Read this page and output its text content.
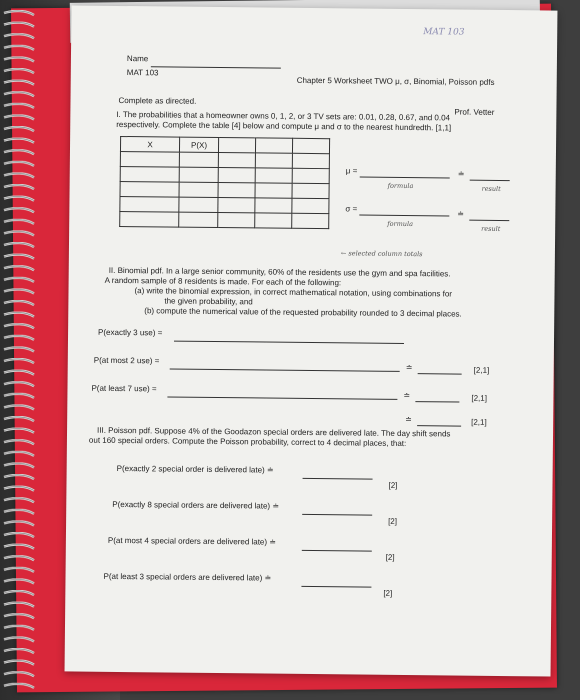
MAT 103
Name
MAT 103
Chapter 5 Worksheet TWO μ, σ, Binomial, Poisson pdfs
Prof. Vetter
Complete as directed.
I. The probabilities that a homeowner owns 0, 1, 2, or 3 TV sets are: 0.01, 0.28, 0.67, and 0.04
respectively. Complete the table [4] below and compute μ and σ to the nearest hundredth. [1,1]
X	P(X)			

μ =
formula
≐
result
σ =
formula
≐
result
← selected column totals
II. Binomial pdf. In a large senior community, 60% of the residents use the gym and spa facilities.
A random sample of 8 residents is made. For each of the following:
(a) write the binomial expression, in correct mathematical notation, using combinations for
the given probability, and
(b) compute the numerical value of the requested probability rounded to 3 decimal places.
P(exactly 3 use) =
P(at most 2 use) =
≐	[2,1]
P(at least 7 use) =
≐	[2,1]
≐	[2,1]
III. Poisson pdf. Suppose 4% of the Goodazon special orders are delivered late. The day shift sends
out 160 special orders. Compute the Poisson probability, correct to 4 decimal places, that:
P(exactly 2 special order is delivered late) ≐
[2]
P(exactly 8 special orders are delivered late) ≐
[2]
P(at most 4 special orders are delivered late) ≐
[2]
P(at least 3 special orders are delivered late) ≐
[2]
